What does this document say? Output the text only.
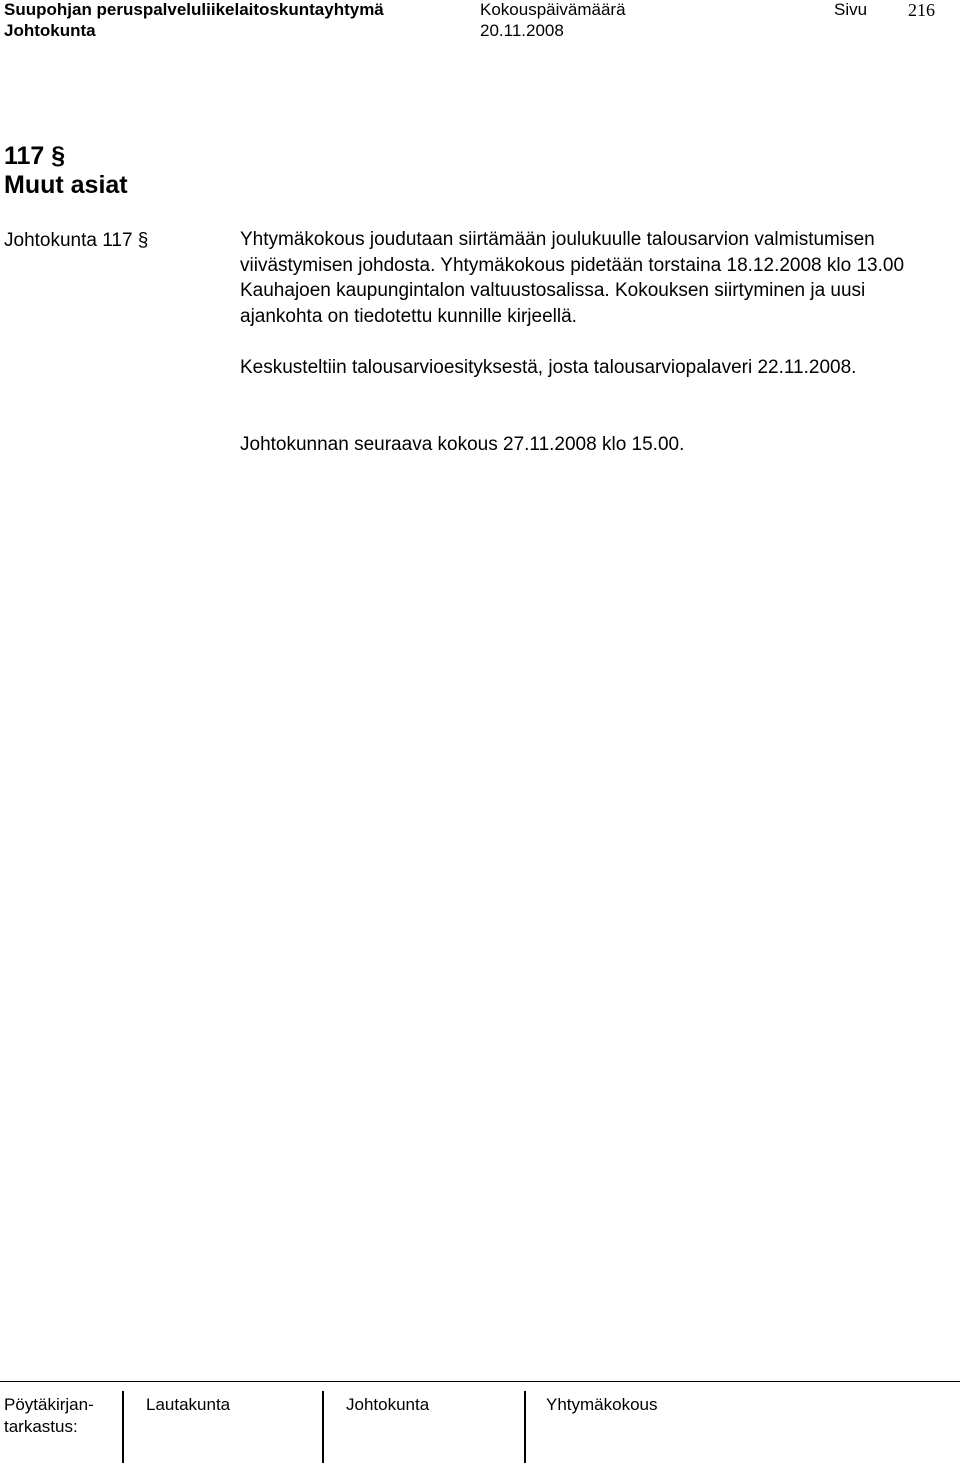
Suupohjan peruspalveluliikelaitoskuntayhtymä	Kokouspäivämäärä	Sivu 216
Johtokunta	20.11.2008
117 §
Muut asiat
Johtokunta 117 §	Yhtymäkokous joudutaan siirtämään joulukuulle talousarvion valmistumisen viivästymisen johdosta. Yhtymäkokous pidetään torstaina 18.12.2008 klo 13.00 Kauhajoen kaupungintalon valtuustosalissa. Kokouksen siirtyminen ja uusi ajankohta on tiedotettu kunnille kirjeellä.
Keskusteltiin talousarvioesityksestä, josta talousarviopalaveri 22.11.2008.
Johtokunnan seuraava kokous 27.11.2008 klo 15.00.
Pöytäkirjan-
tarkastus:
Lautakunta	Johtokunta	Yhtymäkokous
